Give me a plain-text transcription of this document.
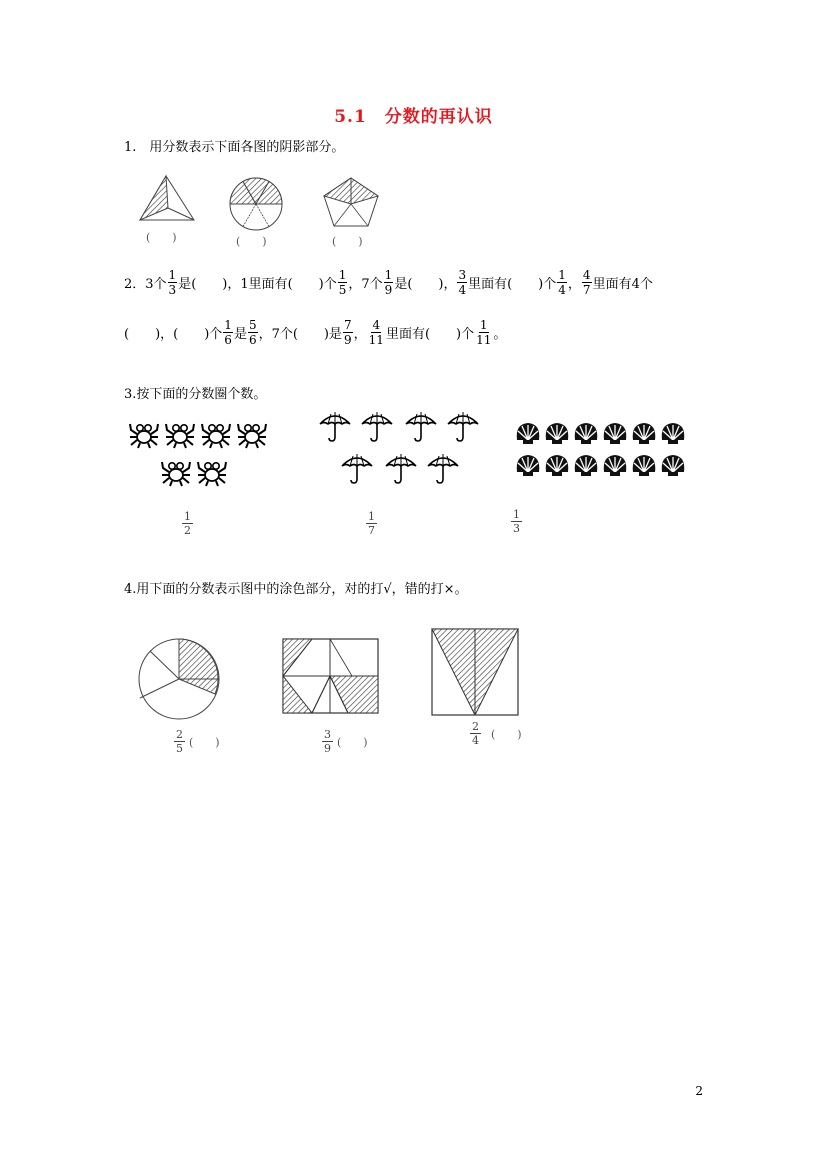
5.1　分数的再认识
1.　用分数表示下面各图的阴影部分。
(　　)	(　　)	(　　)
2．3个 $\frac{1}{3}$ 是(　　)，1里面有(　　)个 $\frac{1}{5}$ ，7个 $\frac{1}{9}$ 是(　　)， $\frac{3}{4}$ 里面有(　　)个 $\frac{1}{4}$ ， $\frac{4}{7}$ 里面有4个
(　　)，(　　)个 $\frac{1}{6}$ 是 $\frac{5}{6}$ ，7个(　　)是 $\frac{7}{9}$ ， $\frac{4}{11}$ 里面有(　　)个 $\frac{1}{11}$ 。
3.按下面的分数圈个数。
1
2
1
7
1
3
4.用下面的分数表示图中的涂色部分，对的打√，错的打×。
2
5 (　　)
3
9 (　　)
2
4 (　　)
2
